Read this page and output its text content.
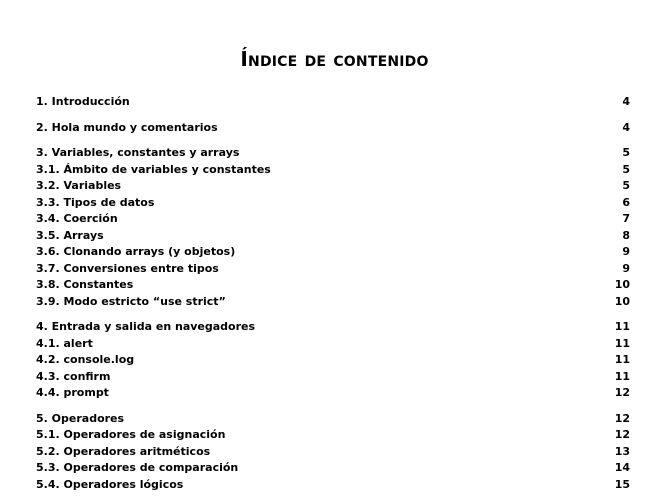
Índice de contenido
1. Introducción	4
2. Hola mundo y comentarios	4
3. Variables, constantes y arrays	5
3.1. Ámbito de variables y constantes	5
3.2. Variables	5
3.3. Tipos de datos	6
3.4. Coerción	7
3.5. Arrays	8
3.6. Clonando arrays (y objetos)	9
3.7. Conversiones entre tipos	9
3.8. Constantes	10
3.9. Modo estricto “use strict”	10
4. Entrada y salida en navegadores	11
4.1. alert	11
4.2. console.log	11
4.3. confirm	11
4.4. prompt	12
5. Operadores	12
5.1. Operadores de asignación	12
5.2. Operadores aritméticos	13
5.3. Operadores de comparación	14
5.4. Operadores lógicos	15
